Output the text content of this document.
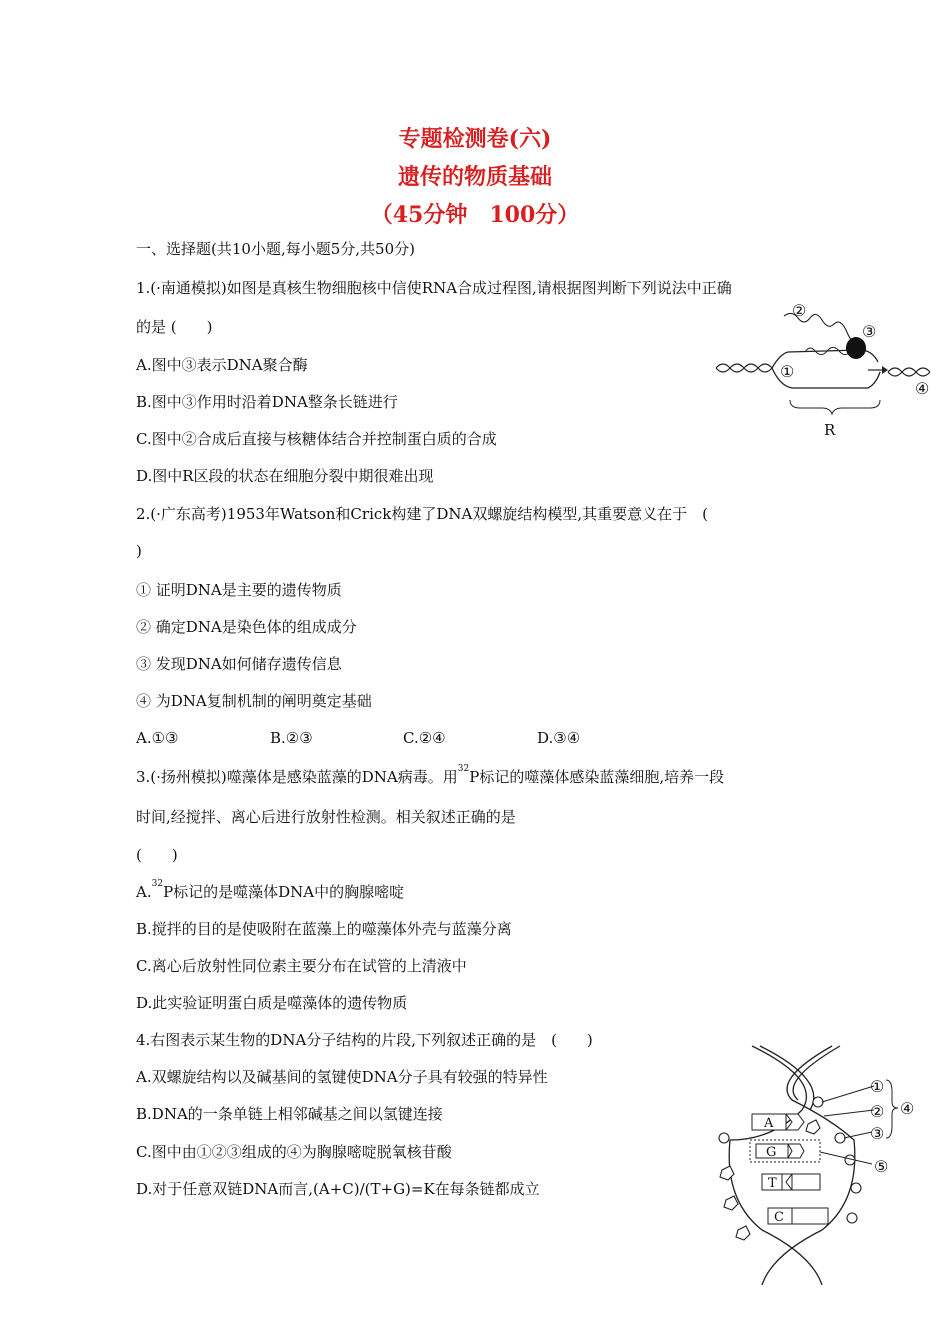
专题检测卷(六)
遗传的物质基础
（45分钟　100分）
一、选择题(共10小题,每小题5分,共50分)
1.(·南通模拟)如图是真核生物细胞核中信使RNA合成过程图,请根据图判断下列说法中正确
的是 (　　)
A.图中③表示DNA聚合酶
B.图中③作用时沿着DNA整条长链进行
C.图中②合成后直接与核糖体结合并控制蛋白质的合成
D.图中R区段的状态在细胞分裂中期很难出现
R
②
③
①
④
2.(·广东高考)1953年Watson和Crick构建了DNA双螺旋结构模型,其重要意义在于　(
)
① 证明DNA是主要的遗传物质
② 确定DNA是染色体的组成成分
③ 发现DNA如何储存遗传信息
④ 为DNA复制机制的阐明奠定基础
A.①③	B.②③	C.②④	D.③④
3.(·扬州模拟)噬藻体是感染蓝藻的DNA病毒。用$^{32}$P标记的噬藻体感染蓝藻细胞,培养一段
时间,经搅拌、离心后进行放射性检测。相关叙述正确的是
(　　)
A.$^{32}$P标记的是噬藻体DNA中的胸腺嘧啶
B.搅拌的目的是使吸附在蓝藻上的噬藻体外壳与蓝藻分离
C.离心后放射性同位素主要分布在试管的上清液中
D.此实验证明蛋白质是噬藻体的遗传物质
4.右图表示某生物的DNA分子结构的片段,下列叙述正确的是　(　　)
A.双螺旋结构以及碱基间的氢键使DNA分子具有较强的特异性
B.DNA的一条单链上相邻碱基之间以氢键连接
C.图中由①②③组成的④为胸腺嘧啶脱氧核苷酸
D.对于任意双链DNA而言,(A+C)/(T+G)=K在每条链都成立
A
G
T
C
①
②
③
④
⑤
